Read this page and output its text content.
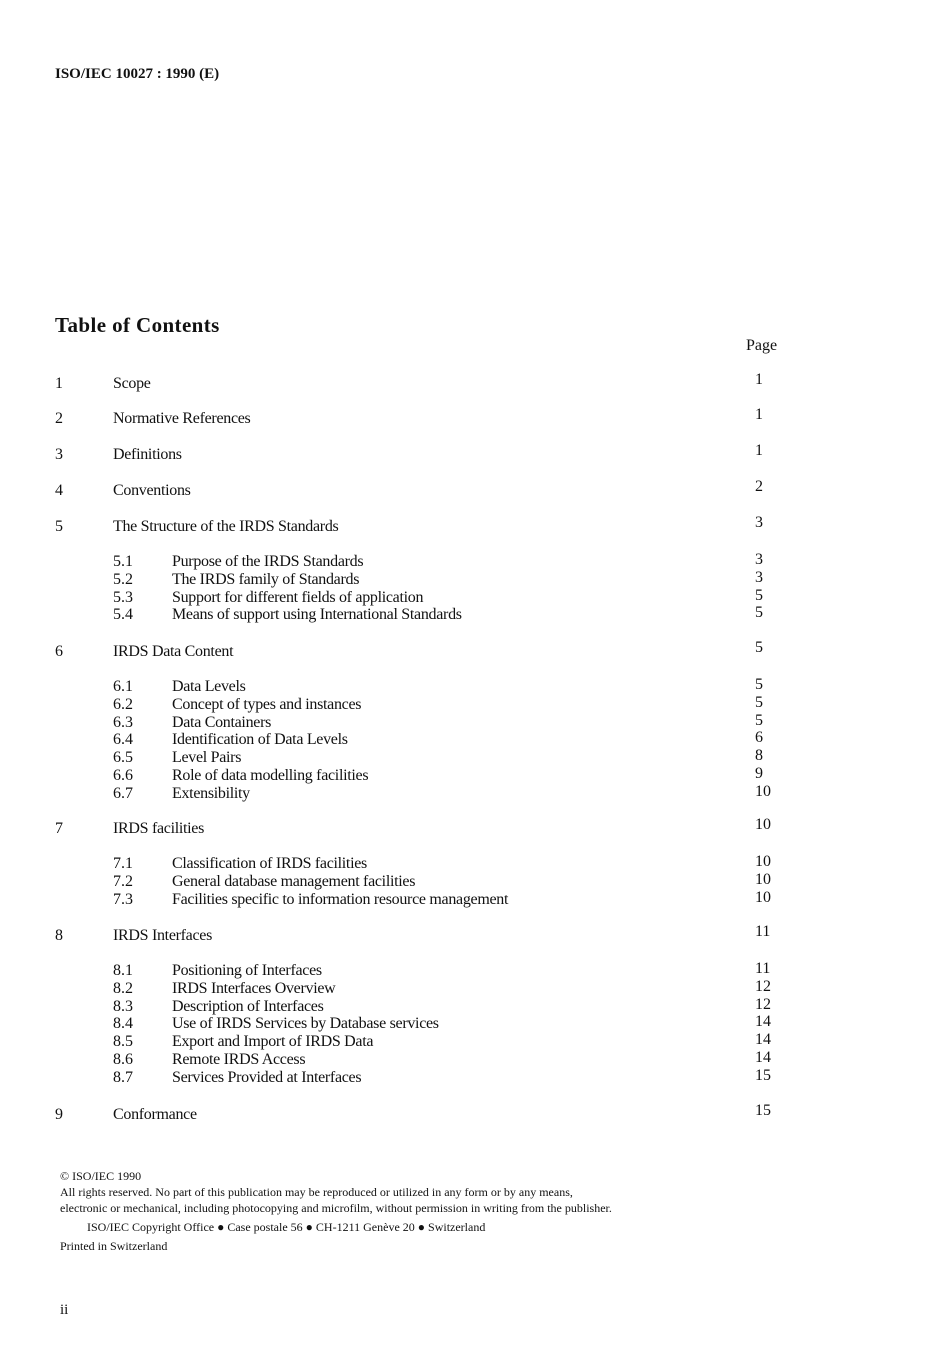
ISO/IEC 10027 : 1990 (E)
Table of Contents
Page
1	Scope	1
2	Normative References	1
3	Definitions	1
4	Conventions	2
5	The Structure of the IRDS Standards	3
5.1 Purpose of the IRDS Standards	3
5.2 The IRDS family of Standards	3
5.3 Support for different fields of application	5
5.4 Means of support using International Standards	5
6	IRDS Data Content	5
6.1 Data Levels	5
6.2 Concept of types and instances	5
6.3 Data Containers	5
6.4 Identification of Data Levels	6
6.5 Level Pairs	8
6.6 Role of data modelling facilities	9
6.7 Extensibility	10
7	IRDS facilities	10
7.1 Classification of IRDS facilities	10
7.2 General database management facilities	10
7.3 Facilities specific to information resource management	10
8	IRDS Interfaces	11
8.1 Positioning of Interfaces	11
8.2 IRDS Interfaces Overview	12
8.3 Description of Interfaces	12
8.4 Use of IRDS Services by Database services	14
8.5 Export and Import of IRDS Data	14
8.6 Remote IRDS Access	14
8.7 Services Provided at Interfaces	15
9	Conformance	15
© ISO/IEC 1990
All rights reserved. No part of this publication may be reproduced or utilized in any form or by any means, electronic or mechanical, including photocopying and microfilm, without permission in writing from the publisher.
ISO/IEC Copyright Office ● Case postale 56 ● CH-1211 Genève 20 ● Switzerland
Printed in Switzerland
ii
